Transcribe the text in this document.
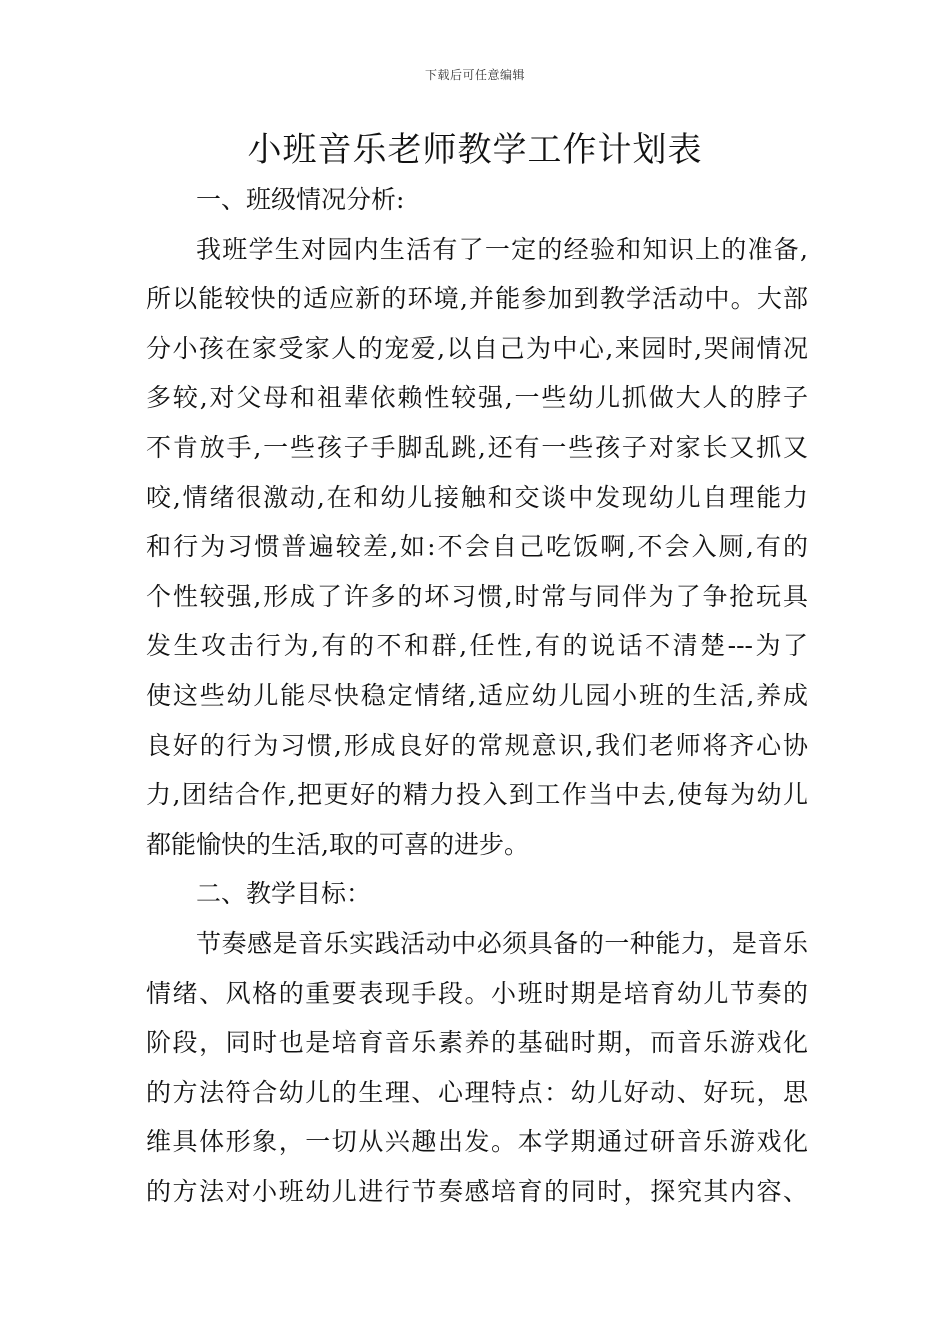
下载后可任意编辑
小班音乐老师教学工作计划表
一、班级情况分析:
我班学生对园内生活有了一定的经验和知识上的准备,
所以能较快的适应新的环境,并能参加到教学活动中。大部
分小孩在家受家人的宠爱,以自己为中心,来园时,哭闹情况
多较,对父母和祖辈依赖性较强,一些幼儿抓做大人的脖子
不肯放手,一些孩子手脚乱跳,还有一些孩子对家长又抓又
咬,情绪很激动,在和幼儿接触和交谈中发现幼儿自理能力
和行为习惯普遍较差,如:不会自己吃饭啊,不会入厕,有的
个性较强,形成了许多的坏习惯,时常与同伴为了争抢玩具
发生攻击行为,有的不和群,任性,有的说话不清楚---为了
使这些幼儿能尽快稳定情绪,适应幼儿园小班的生活,养成
良好的行为习惯,形成良好的常规意识,我们老师将齐心协
力,团结合作,把更好的精力投入到工作当中去,使每为幼儿
都能愉快的生活,取的可喜的进步。
二、教学目标：
节奏感是音乐实践活动中必须具备的一种能力，是音乐
情绪、风格的重要表现手段。小班时期是培育幼儿节奏的
阶段，同时也是培育音乐素养的基础时期，而音乐游戏化
的方法符合幼儿的生理、心理特点：幼儿好动、好玩，思
维具体形象，一切从兴趣出发。本学期通过研音乐游戏化
的方法对小班幼儿进行节奏感培育的同时，探究其内容、
